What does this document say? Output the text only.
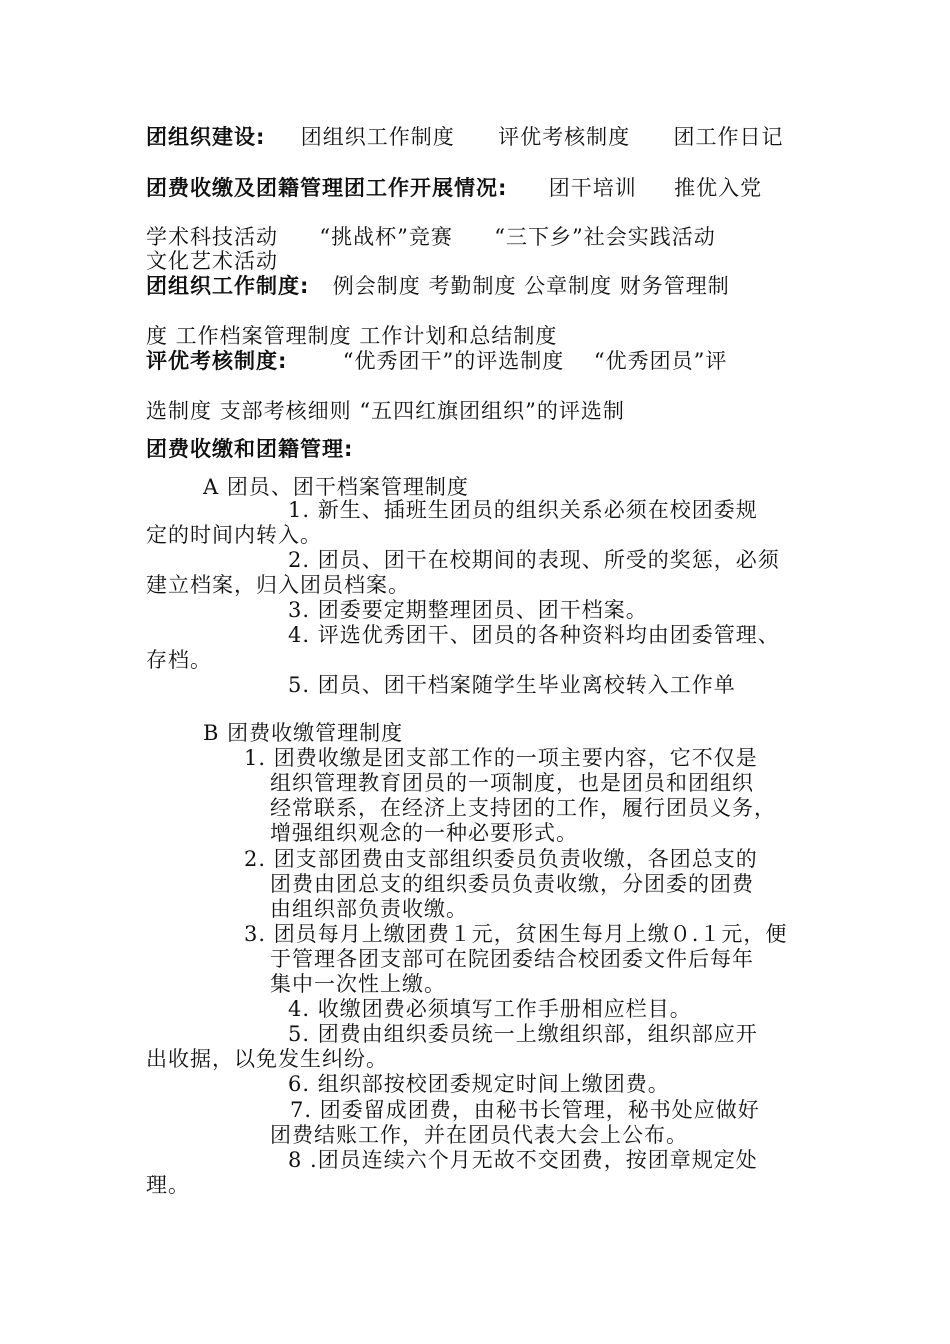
团组织建设: 团组织工作制度 评优考核制度 团工作日记
团费收缴及团籍管理团工作开展情况: 团干培训 推优入党
学术科技活动 “挑战杯”竞赛 “三下乡”社会实践活动
文化艺术活动
团组织工作制度: 例会制度 考勤制度 公章制度 财务管理制
度 工作档案管理制度 工作计划和总结制度
评优考核制度:	“优秀团干”的评选制度　 “优秀团员”评
选制度 支部考核细则 “五四红旗团组织”的评选制
团费收缴和团籍管理:
A 团员、团干档案管理制度
1. 新生、插班生团员的组织关系必须在校团委规
定的时间内转入。
2. 团员、团干在校期间的表现、所受的奖惩，必须
建立档案，归入团员档案。
3. 团委要定期整理团员、团干档案。
4. 评选优秀团干、团员的各种资料均由团委管理、
存档。
5. 团员、团干档案随学生毕业离校转入工作单
B 团费收缴管理制度
1. 团费收缴是团支部工作的一项主要内容，它不仅是
组织管理教育团员的一项制度，也是团员和团组织
经常联系，在经济上支持团的工作，履行团员义务，
增强组织观念的一种必要形式。
2. 团支部团费由支部组织委员负责收缴，各团总支的
团费由团总支的组织委员负责收缴，分团委的团费
由组织部负责收缴。
3. 团员每月上缴团费１元，贫困生每月上缴０.１元，便
于管理各团支部可在院团委结合校团委文件后每年
集中一次性上缴。
4. 收缴团费必须填写工作手册相应栏目。
5. 团费由组织委员统一上缴组织部，组织部应开
出收据，以免发生纠纷。
6. 组织部按校团委规定时间上缴团费。
7. 团委留成团费，由秘书长管理，秘书处应做好
团费结账工作，并在团员代表大会上公布。
8 .团员连续六个月无故不交团费，按团章规定处
理。
